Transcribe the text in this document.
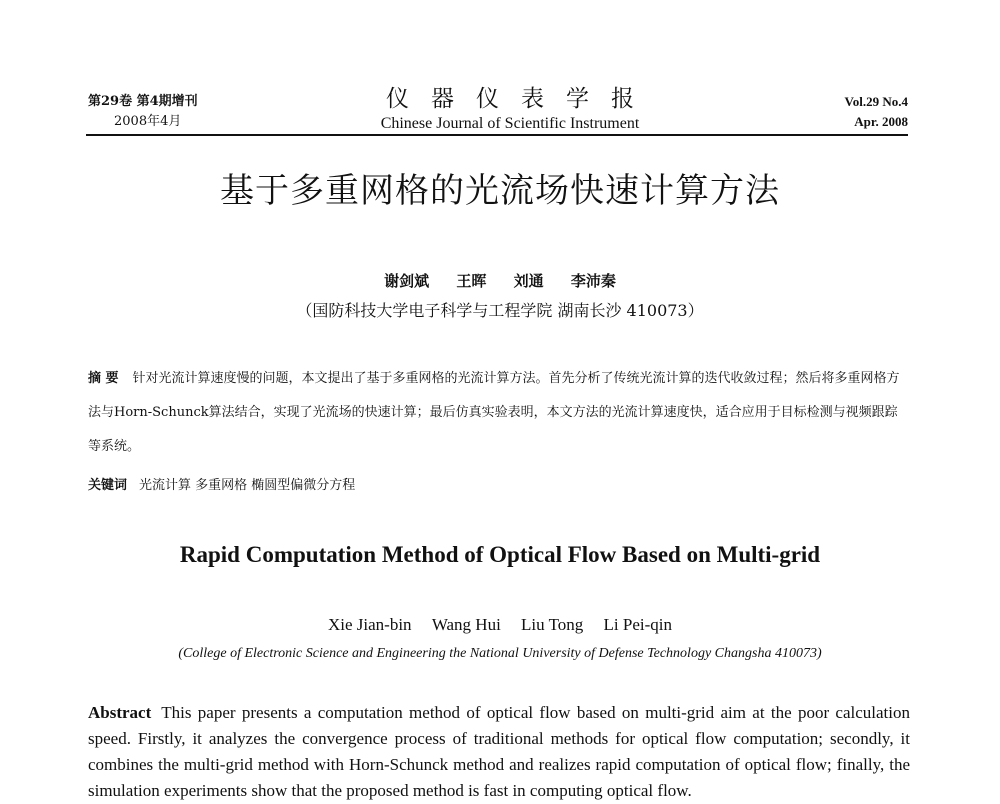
第29卷 第4期增刊
2008年4月
仪器仪表学报
Chinese Journal of Scientific Instrument
Vol.29 No.4
Apr. 2008
基于多重网格的光流场快速计算方法
谢剑斌 王晖 刘通 李沛秦
（国防科技大学电子科学与工程学院 湖南长沙 410073）
摘 要 针对光流计算速度慢的问题，本文提出了基于多重网格的光流计算方法。首先分析了传统光流计算的迭代收敛过程；然后将多重网格方法与Horn-Schunck算法结合，实现了光流场的快速计算；最后仿真实验表明，本文方法的光流计算速度快，适合应用于目标检测与视频跟踪等系统。
关键词 光流计算 多重网格 椭圆型偏微分方程
Rapid Computation Method of Optical Flow Based on Multi-grid
Xie Jian-bin Wang Hui Liu Tong Li Pei-qin
(College of Electronic Science and Engineering the National University of Defense Technology Changsha 410073)
Abstract This paper presents a computation method of optical flow based on multi-grid aim at the poor calculation speed. Firstly, it analyzes the convergence process of traditional methods for optical flow computation; secondly, it combines the multi-grid method with Horn-Schunck method and realizes rapid computation of optical flow; finally, the simulation experiments show that the proposed method is fast in computing optical flow.
